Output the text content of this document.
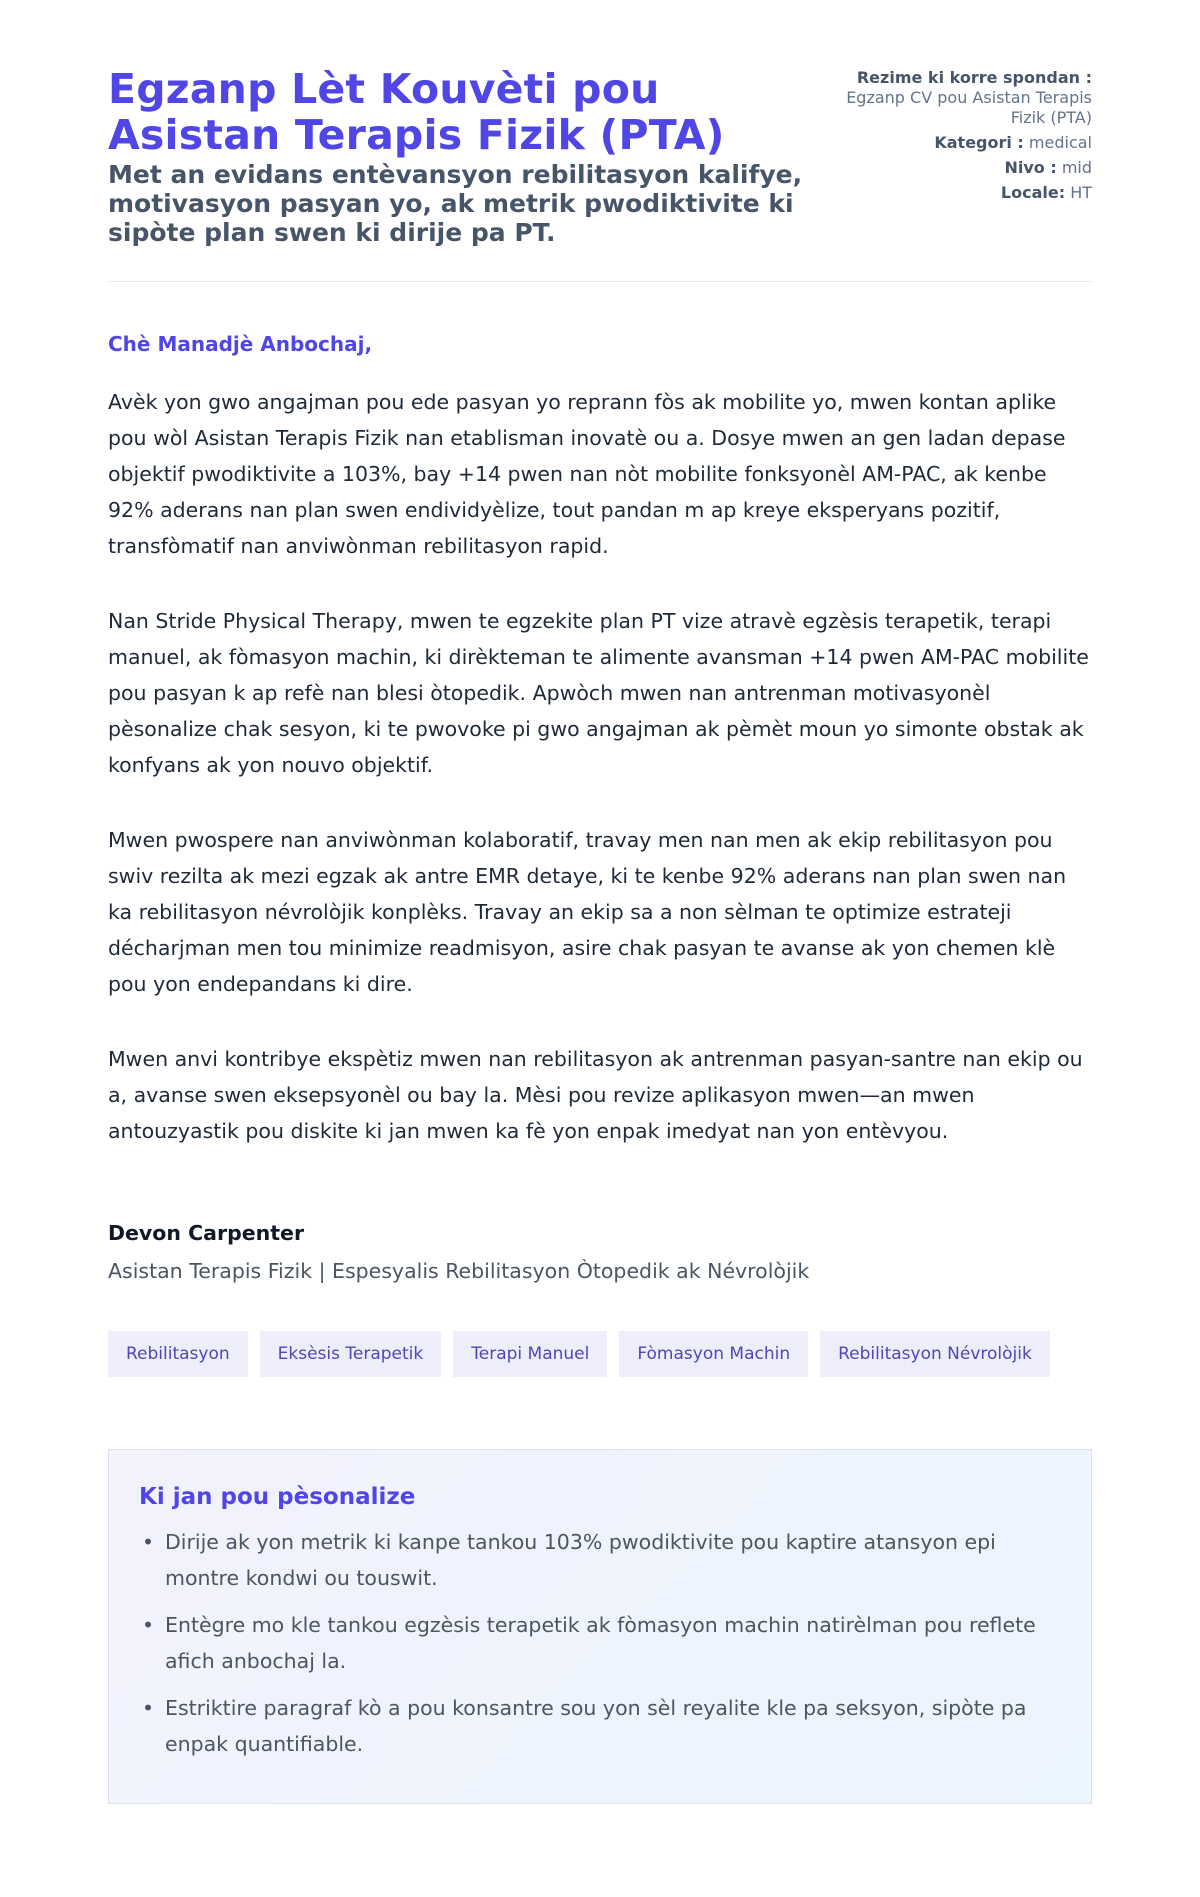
Egzanp Lèt Kouvèti pou Asistan Terapis Fizik (PTA)
Met an evidans entèvansyon rebilitasyon kalifye, motivasyon pasyan yo, ak metrik pwodiktivite ki sipòte plan swen ki dirije pa PT.
Rezime ki korre spondan : Egzanp CV pou Asistan Terapis Fizik (PTA)
Kategori : medical
Nivo : mid
Locale: HT
Chè Manadjè Anbochaj,

Avèk yon gwo angajman pou ede pasyan yo reprann fòs ak mobilite yo, mwen kontan aplike pou wòl Asistan Terapis Fizik nan etablisman inovatè ou a. Dosye mwen an gen ladan depase objektif pwodiktivite a 103%, bay +14 pwen nan nòt mobilite fonksyonèl AM-PAC, ak kenbe 92% aderans nan plan swen endividyèlize, tout pandan m ap kreye eksperyans pozitif, transfòmatif nan anviwònman rebilitasyon rapid.

Nan Stride Physical Therapy, mwen te egzekite plan PT vize atravè egzèsis terapetik, terapi manuel, ak fòmasyon machin, ki dirèkteman te alimente avansman +14 pwen AM-PAC mobilite pou pasyan k ap refè nan blesi òtopedik. Apwòch mwen nan antrenman motivasyonèl pèsonalize chak sesyon, ki te pwovoke pi gwo angajman ak pèmèt moun yo simonte obstak ak konfyans ak yon nouvo objektif.

Mwen pwospere nan anviwònman kolaboratif, travay men nan men ak ekip rebilitasyon pou swiv rezilta ak mezi egzak ak antre EMR detaye, ki te kenbe 92% aderans nan plan swen nan ka rebilitasyon névrolòjik konplèks. Travay an ekip sa a non sèlman te optimize estrateji décharjman men tou minimize readmisyon, asire chak pasyan te avanse ak yon chemen klè pou yon endepandans ki dire.

Mwen anvi kontribye ekspètiz mwen nan rebilitasyon ak antrenman pasyan-santre nan ekip ou a, avanse swen eksepsyonèl ou bay la. Mèsi pou revize aplikasyon mwen—an mwen antouzyastik pou diskite ki jan mwen ka fè yon enpak imedyat nan yon entèvyou.

Devon Carpenter
Asistan Terapis Fizik | Espesyalis Rebilitasyon Òtopedik ak Névrolòjik
Rebilitasyon	Eksèsis Terapetik	Terapi Manuel	Fòmasyon Machin	Rebilitasyon Névrolòjik
Ki jan pou pèsonalize
• Dirije ak yon metrik ki kanpe tankou 103% pwodiktivite pou kaptire atansyon epi montre kondwi ou touswit.
• Entègre mo kle tankou egzèsis terapetik ak fòmasyon machin natirèlman pou reflete afich anbochaj la.
• Estriktire paragraf kò a pou konsantre sou yon sèl reyalite kle pa seksyon, sipòte pa enpak quantifiable.
